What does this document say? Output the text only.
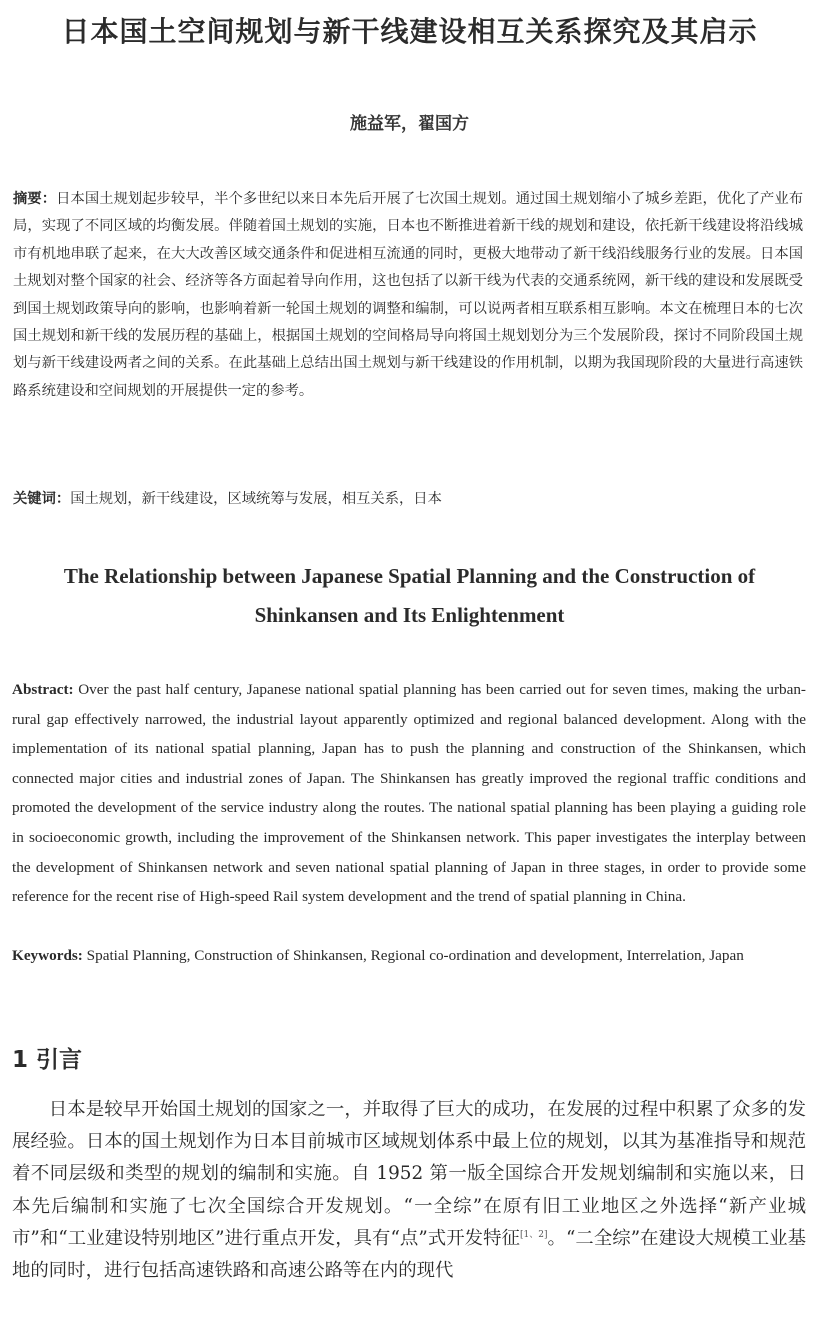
日本国土空间规划与新干线建设相互关系探究及其启示
施益军，翟国方
摘要：日本国土规划起步较早，半个多世纪以来日本先后开展了七次国土规划。通过国土规划缩小了城乡差距，优化了产业布局，实现了不同区域的均衡发展。伴随着国土规划的实施，日本也不断推进着新干线的规划和建设，依托新干线建设将沿线城市有机地串联了起来，在大大改善区域交通条件和促进相互流通的同时，更极大地带动了新干线沿线服务行业的发展。日本国土规划对整个国家的社会、经济等各方面起着导向作用，这也包括了以新干线为代表的交通系统网，新干线的建设和发展既受到国土规划政策导向的影响，也影响着新一轮国土规划的调整和编制，可以说两者相互联系相互影响。本文在梳理日本的七次国土规划和新干线的发展历程的基础上，根据国土规划的空间格局导向将国土规划划分为三个发展阶段，探讨不同阶段国土规划与新干线建设两者之间的关系。在此基础上总结出国土规划与新干线建设的作用机制，以期为我国现阶段的大量进行高速铁路系统建设和空间规划的开展提供一定的参考。
关键词：国土规划，新干线建设，区域统筹与发展，相互关系，日本
The Relationship between Japanese Spatial Planning and the Construction of Shinkansen and Its Enlightenment
Abstract: Over the past half century, Japanese national spatial planning has been carried out for seven times, making the urban-rural gap effectively narrowed, the industrial layout apparently optimized and regional balanced development. Along with the implementation of its national spatial planning, Japan has to push the planning and construction of the Shinkansen, which connected major cities and industrial zones of Japan. The Shinkansen has greatly improved the regional traffic conditions and promoted the development of the service industry along the routes. The national spatial planning has been playing a guiding role in socioeconomic growth, including the improvement of the Shinkansen network. This paper investigates the interplay between the development of Shinkansen network and seven national spatial planning of Japan in three stages, in order to provide some reference for the recent rise of High-speed Rail system development and the trend of spatial planning in China.
Keywords: Spatial Planning, Construction of Shinkansen, Regional co-ordination and development, Interrelation, Japan
1 引言
日本是较早开始国土规划的国家之一，并取得了巨大的成功，在发展的过程中积累了众多的发展经验。日本的国土规划作为日本目前城市区域规划体系中最上位的规划，以其为基准指导和规范着不同层级和类型的规划的编制和实施。自 1952 第一版全国综合开发规划编制和实施以来，日本先后编制和实施了七次全国综合开发规划。“一全综”在原有旧工业地区之外选择“新产业城市”和“工业建设特别地区”进行重点开发，具有“点”式开发特征[1、2]。“二全综”在建设大规模工业基地的同时，进行包括高速铁路和高速公路等在内的现代
